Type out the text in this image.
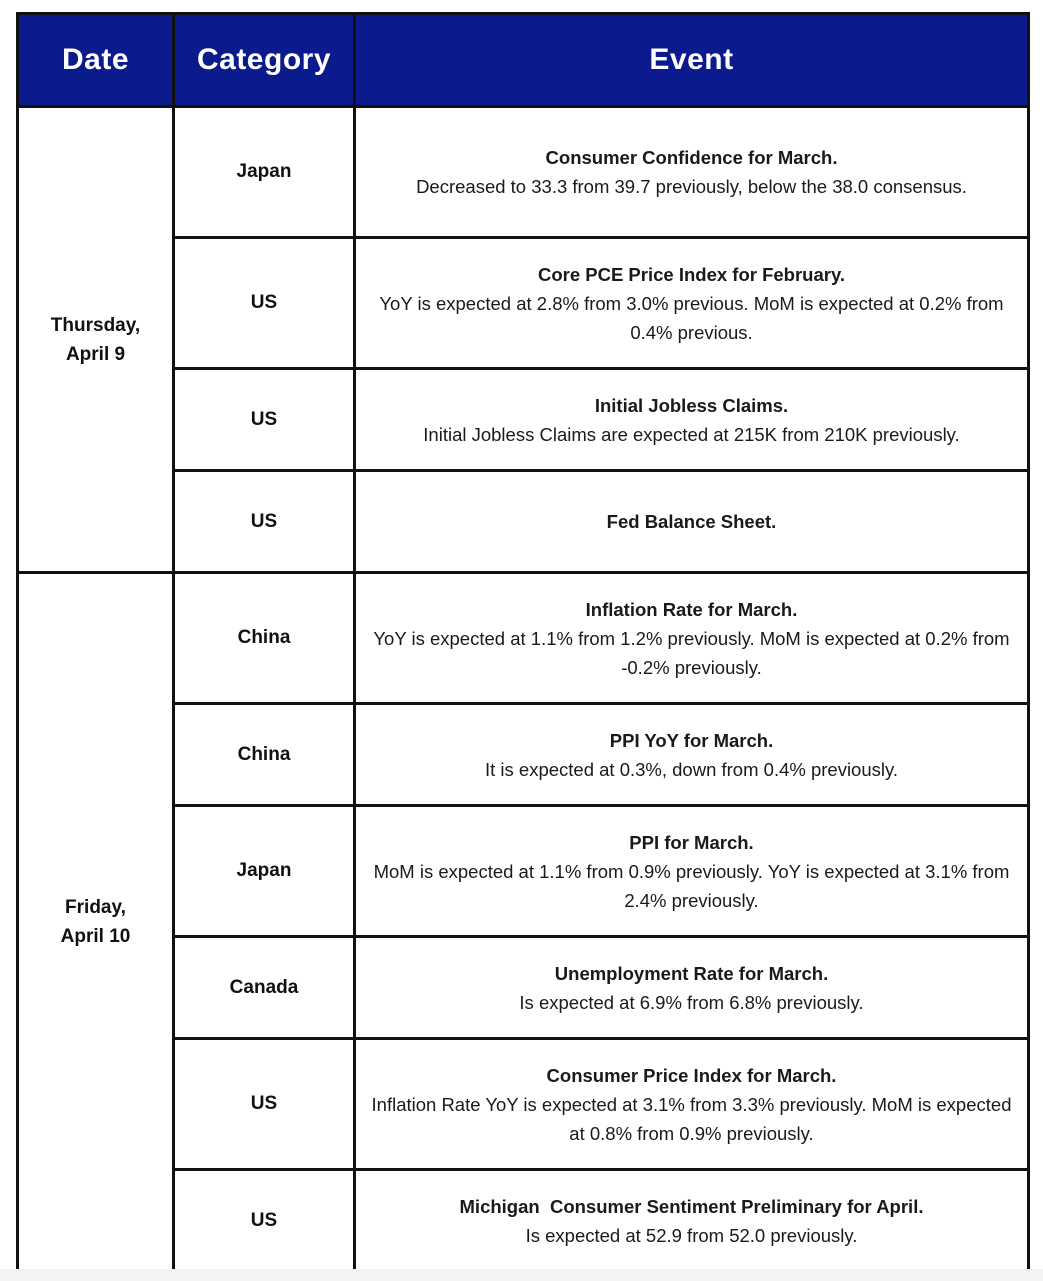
Date	Category	Event
Thursday,
April 9	Japan	Consumer Confidence for March.
Decreased to 33.3 from 39.7 previously, below the 38.0 consensus.

	US	Core PCE Price Index for February.
YoY is expected at 2.8% from 3.0% previous. MoM is expected at 0.2% from 0.4% previous.

	US	Initial Jobless Claims.
Initial Jobless Claims are expected at 215K from 210K previously.

	US	Fed Balance Sheet.

Friday,
April 10	China	Inflation Rate for March.
YoY is expected at 1.1% from 1.2% previously. MoM is expected at 0.2% from -0.2% previously.

	China	PPI YoY for March.
It is expected at 0.3%, down from 0.4% previously.

	Japan	PPI for March.
MoM is expected at 1.1% from 0.9% previously. YoY is expected at 3.1% from 2.4% previously.

	Canada	Unemployment Rate for March.
Is expected at 6.9% from 6.8% previously.

	US	Consumer Price Index for March.
Inflation Rate YoY is expected at 3.1% from 3.3% previously. MoM is expected at 0.8% from 0.9% previously.

	US	Michigan  Consumer Sentiment Preliminary for April.
Is expected at 52.9 from 52.0 previously.
